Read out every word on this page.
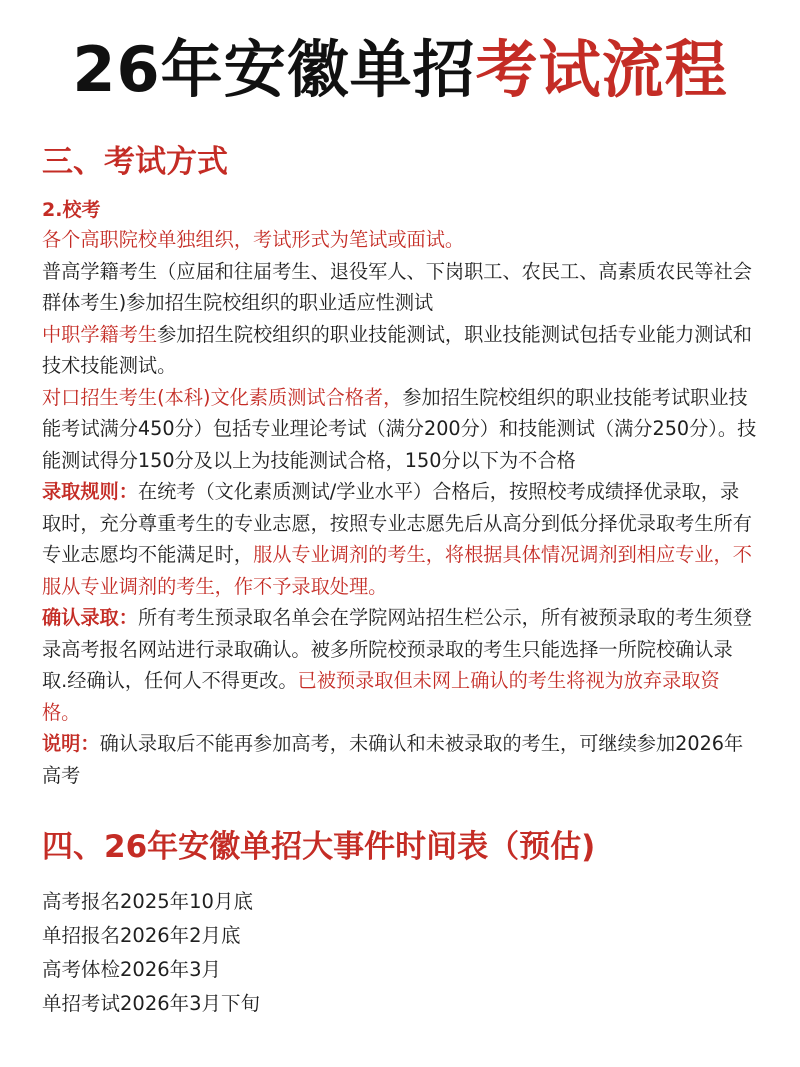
26年安徽单招考试流程
三、考试方式
2.校考

各个高职院校单独组织，考试形式为笔试或面试。

普高学籍考生（应届和往届考生、退役军人、下岗职工、农民工、高素质农民等社会群体考生)参加招生院校组织的职业适应性测试

中职学籍考生参加招生院校组织的职业技能测试，职业技能测试包括专业能力测试和技术技能测试。

对口招生考生(本科)文化素质测试合格者，参加招生院校组织的职业技能考试职业技能考试满分450分）包括专业理论考试（满分200分）和技能测试（满分250分）。技能测试得分150分及以上为技能测试合格，150分以下为不合格

录取规则：在统考（文化素质测试/学业水平）合格后，按照校考成绩择优录取，录取时，充分尊重考生的专业志愿，按照专业志愿先后从高分到低分择优录取考生所有专业志愿均不能满足时，服从专业调剂的考生，将根据具体情况调剂到相应专业，不服从专业调剂的考生，作不予录取处理。

确认录取：所有考生预录取名单会在学院网站招生栏公示，所有被预录取的考生须登录高考报名网站进行录取确认。被多所院校预录取的考生只能选择一所院校确认录取.经确认，任何人不得更改。已被预录取但未网上确认的考生将视为放弃录取资格。

说明：确认录取后不能再参加高考，未确认和未被录取的考生，可继续参加2026年高考

四、26年安徽单招大事件时间表（预估)
高考报名2025年10月底
单招报名2026年2月底
高考体检2026年3月
单招考试2026年3月下旬
